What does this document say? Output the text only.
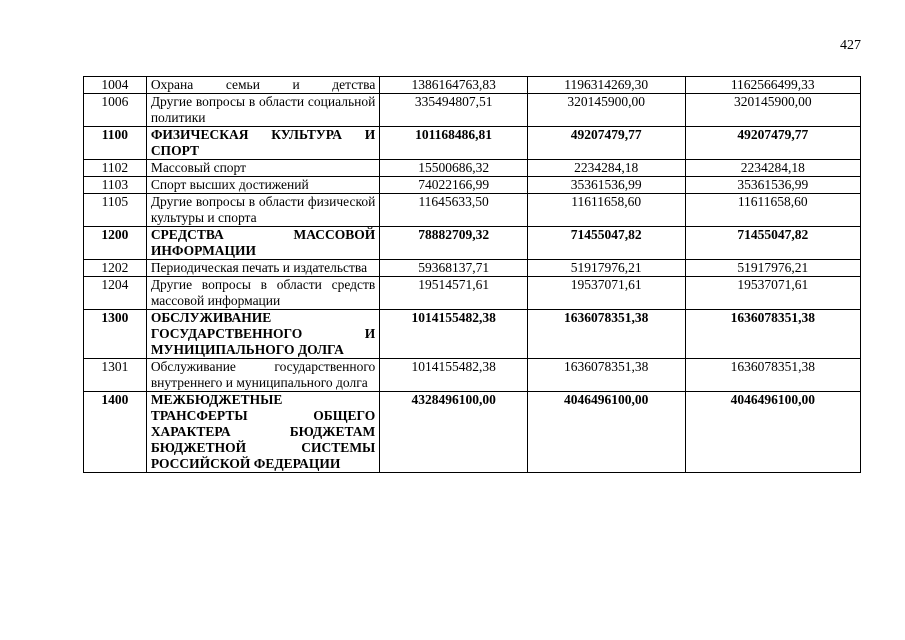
427
1004	Охрана семьи и детства	1386164763,83	1196314269,30	1162566499,33
1006	Другие вопросы в области социальной политики	335494807,51	320145900,00	320145900,00
1100	ФИЗИЧЕСКАЯ КУЛЬТУРА И СПОРТ	101168486,81	49207479,77	49207479,77
1102	Массовый спорт	15500686,32	2234284,18	2234284,18
1103	Спорт высших достижений	74022166,99	35361536,99	35361536,99
1105	Другие вопросы в области физической культуры и спорта	11645633,50	11611658,60	11611658,60
1200	СРЕДСТВА МАССОВОЙ ИНФОРМАЦИИ	78882709,32	71455047,82	71455047,82
1202	Периодическая печать и издательства	59368137,71	51917976,21	51917976,21
1204	Другие вопросы в области средств массовой информации	19514571,61	19537071,61	19537071,61
1300	ОБСЛУЖИВАНИЕ ГОСУДАРСТВЕННОГО И МУНИЦИПАЛЬНОГО ДОЛГА	1014155482,38	1636078351,38	1636078351,38
1301	Обслуживание государственного внутреннего и муниципального долга	1014155482,38	1636078351,38	1636078351,38
1400	МЕЖБЮДЖЕТНЫЕ ТРАНСФЕРТЫ ОБЩЕГО ХАРАКТЕРА БЮДЖЕТАМ БЮДЖЕТНОЙ СИСТЕМЫ РОССИЙСКОЙ ФЕДЕРАЦИИ	4328496100,00	4046496100,00	4046496100,00
